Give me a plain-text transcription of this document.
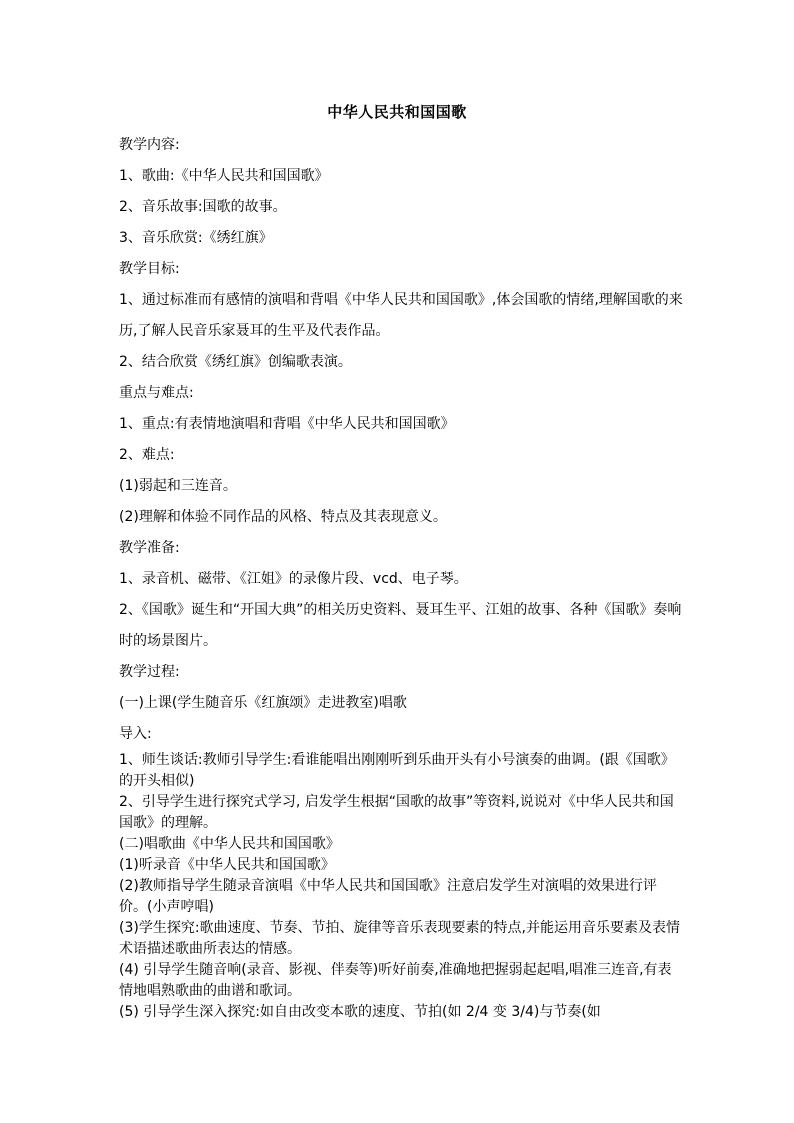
中华人民共和国国歌

教学内容:

1、歌曲:《中华人民共和国国歌》

2、音乐故事:国歌的故事。

3、音乐欣赏:《绣红旗》

教学目标:

1、通过标准而有感情的演唱和背唱《中华人民共和国国歌》,体会国歌的情绪,理解国歌的来历,了解人民音乐家聂耳的生平及代表作品。

2、结合欣赏《绣红旗》创编歌表演。

重点与难点:

1、重点:有表情地演唱和背唱《中华人民共和国国歌》

2、难点:

(1)弱起和三连音。

(2)理解和体验不同作品的风格、特点及其表现意义。

教学准备:

1、录音机、磁带、《江姐》的录像片段、vcd、电子琴。

2、《国歌》诞生和“开国大典”的相关历史资料、聂耳生平、江姐的故事、各种《国歌》奏响时的场景图片。

教学过程:

(一)上课(学生随音乐《红旗颂》走进教室)唱歌

导入:

1、师生谈话:教师引导学生:看谁能唱出刚刚听到乐曲开头有小号演奏的曲调。(跟《国歌》的开头相似)

2、引导学生进行探究式学习, 启发学生根据“国歌的故事”等资料,说说对《中华人民共和国国歌》的理解。

(二)唱歌曲《中华人民共和国国歌》

(1)听录音《中华人民共和国国歌》

(2)教师指导学生随录音演唱《中华人民共和国国歌》注意启发学生对演唱的效果进行评价。(小声哼唱)

(3)学生探究:歌曲速度、节奏、节拍、旋律等音乐表现要素的特点,并能运用音乐要素及表情术语描述歌曲所表达的情感。

(4) 引导学生随音响(录音、影视、伴奏等)听好前奏,准确地把握弱起起唱,唱准三连音,有表情地唱熟歌曲的曲谱和歌词。

(5) 引导学生深入探究:如自由改变本歌的速度、节拍(如 2/4 变 3/4)与节奏(如
